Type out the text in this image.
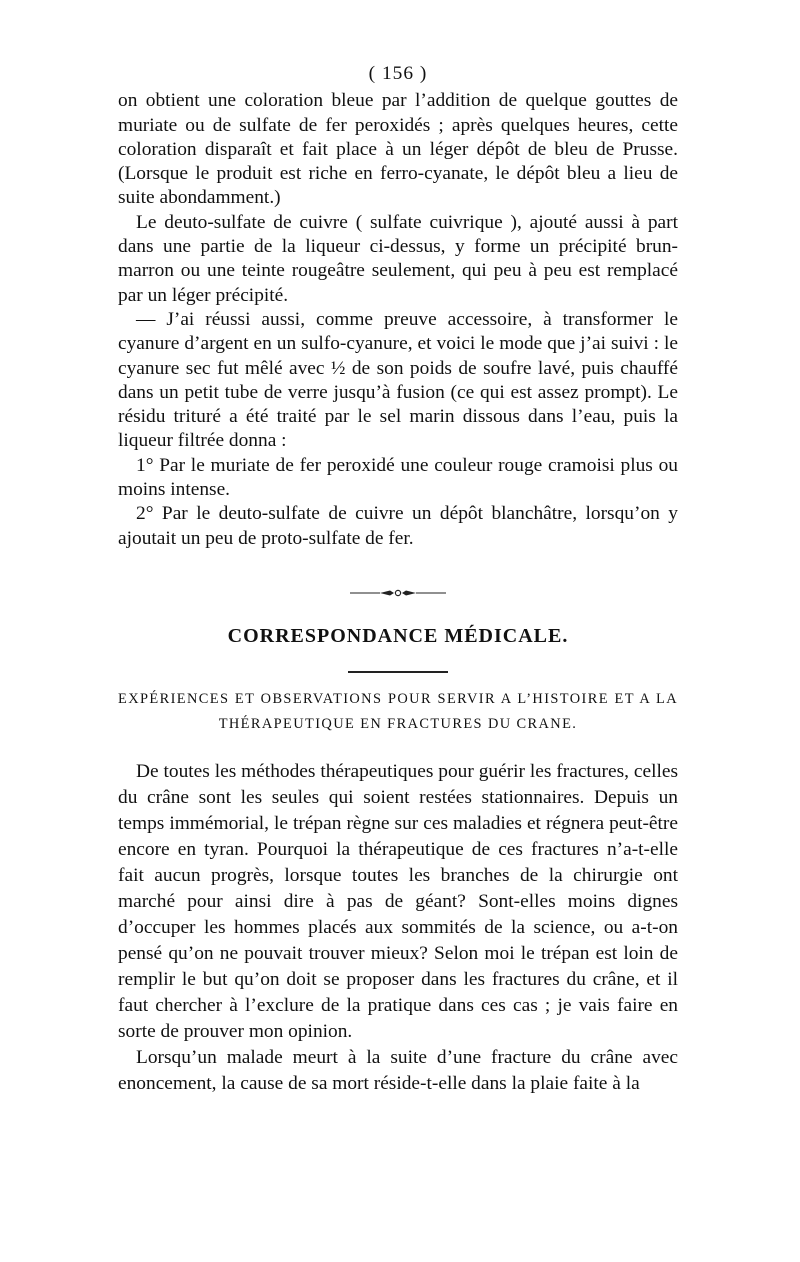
( 156 )

on obtient une coloration bleue par l’addition de quelque gouttes de muriate ou de sulfate de fer peroxidés ; après quelques heures, cette coloration disparaît et fait place à un léger dépôt de bleu de Prusse. (Lorsque le produit est riche en ferro-cyanate, le dépôt bleu a lieu de suite abondamment.)

Le deuto-sulfate de cuivre ( sulfate cuivrique ), ajouté aussi à part dans une partie de la liqueur ci-dessus, y forme un précipité brun-marron ou une teinte rougeâtre seulement, qui peu à peu est remplacé par un léger précipité.

— J’ai réussi aussi, comme preuve accessoire, à transformer le cyanure d’argent en un sulfo-cyanure, et voici le mode que j’ai suivi : le cyanure sec fut mêlé avec ½ de son poids de soufre lavé, puis chauffé dans un petit tube de verre jusqu’à fusion (ce qui est assez prompt). Le résidu trituré a été traité par le sel marin dissous dans l’eau, puis la liqueur filtrée donna :

1° Par le muriate de fer peroxidé une couleur rouge cramoisi plus ou moins intense.

2° Par le deuto-sulfate de cuivre un dépôt blanchâtre, lorsqu’on y ajoutait un peu de proto-sulfate de fer.

CORRESPONDANCE MÉDICALE.
EXPÉRIENCES ET OBSERVATIONS POUR SERVIR A L’HISTOIRE ET A LA THÉRAPEUTIQUE EN FRACTURES DU CRANE.

De toutes les méthodes thérapeutiques pour guérir les fractures, celles du crâne sont les seules qui soient restées stationnaires. Depuis un temps immémorial, le trépan règne sur ces maladies et régnera peut-être encore en tyran. Pourquoi la thérapeutique de ces fractures n’a-t-elle fait aucun progrès, lorsque toutes les branches de la chirurgie ont marché pour ainsi dire à pas de géant? Sont-elles moins dignes d’occuper les hommes placés aux sommités de la science, ou a-t-on pensé qu’on ne pouvait trouver mieux? Selon moi le trépan est loin de remplir le but qu’on doit se proposer dans les fractures du crâne, et il faut chercher à l’exclure de la pratique dans ces cas ; je vais faire en sorte de prouver mon opinion.

Lorsqu’un malade meurt à la suite d’une fracture du crâne avec enoncement, la cause de sa mort réside-t-elle dans la plaie faite à la
